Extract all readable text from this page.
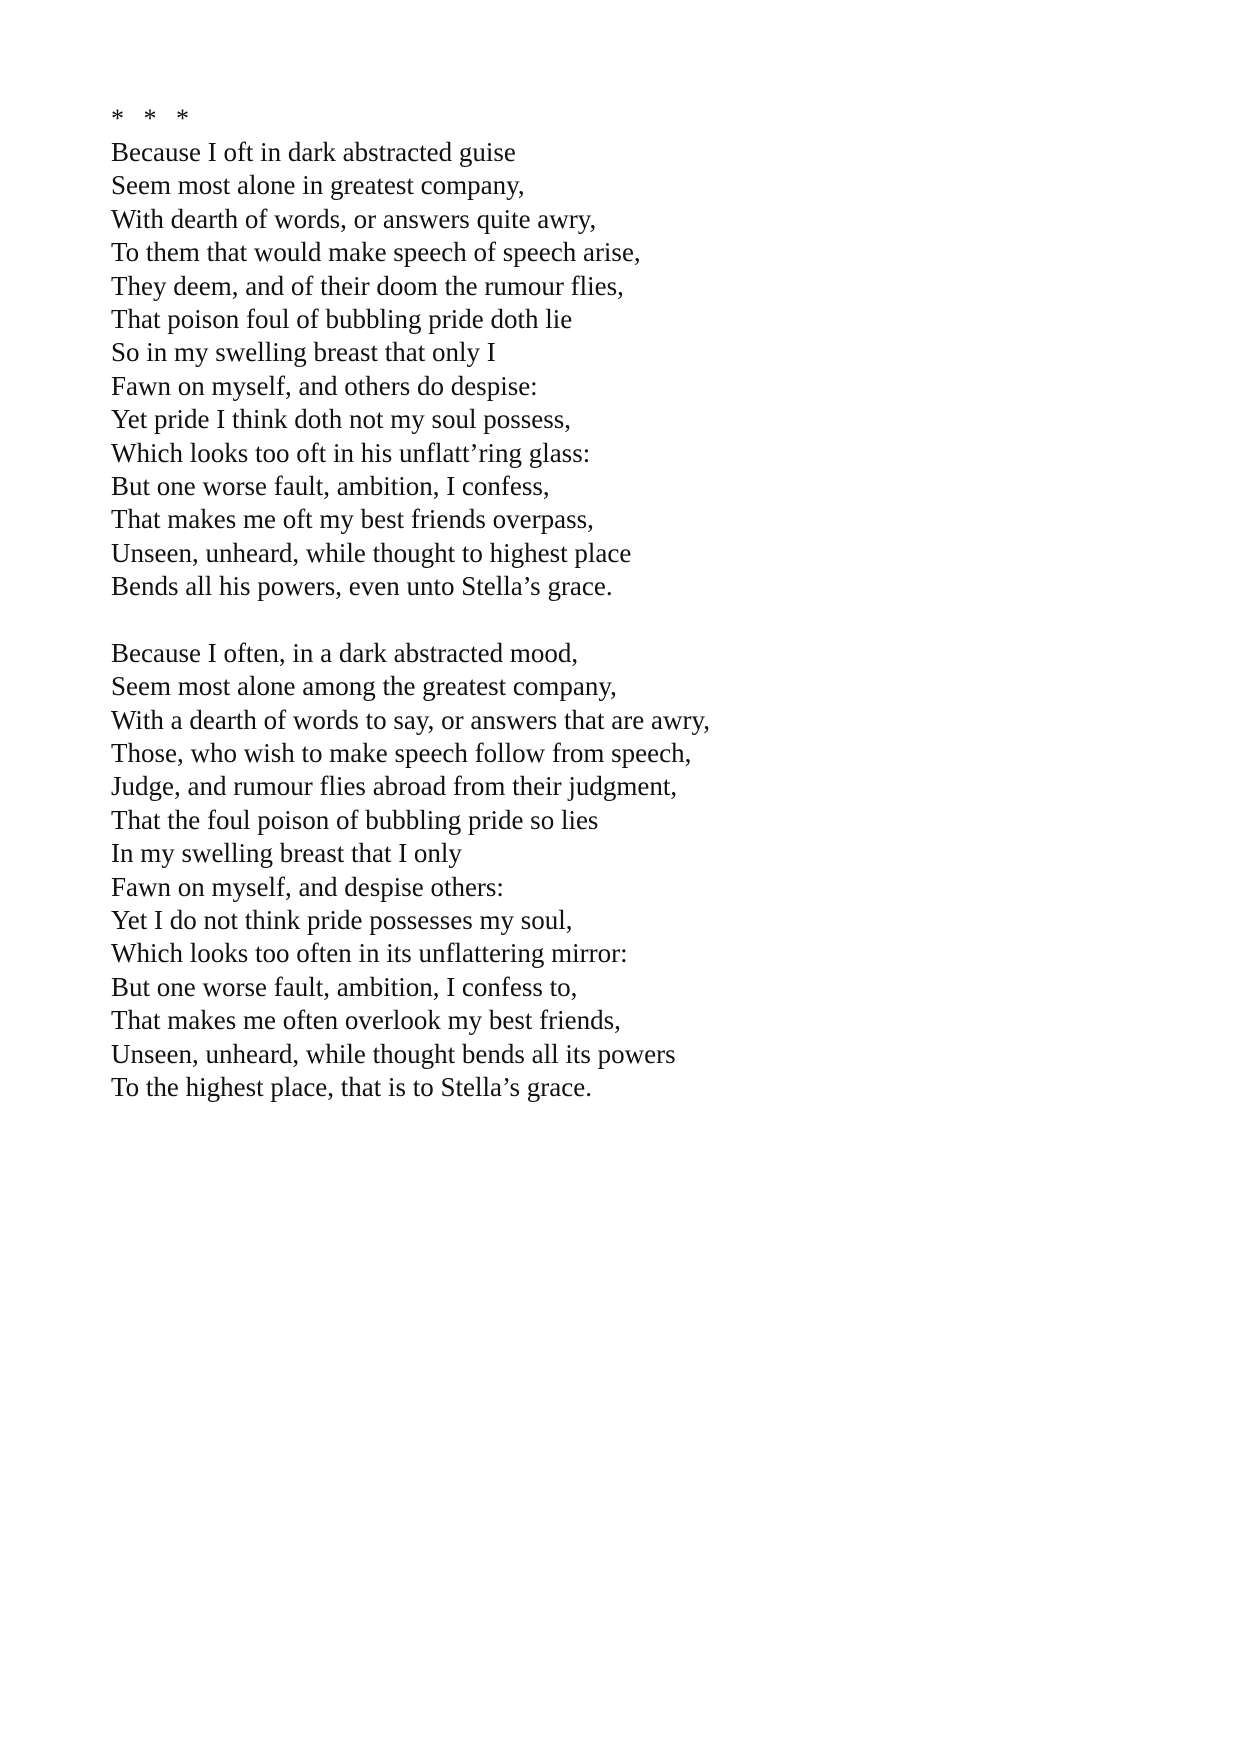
*   *   *
Because I oft in dark abstracted guise
Seem most alone in greatest company,
With dearth of words, or answers quite awry,
To them that would make speech of speech arise,
They deem, and of their doom the rumour flies,
That poison foul of bubbling pride doth lie
So in my swelling breast that only I
Fawn on myself, and others do despise:
Yet pride I think doth not my soul possess,
Which looks too oft in his unflatt’ring glass:
But one worse fault, ambition, I confess,
That makes me oft my best friends overpass,
Unseen, unheard, while thought to highest place
Bends all his powers, even unto Stella’s grace.
Because I often, in a dark abstracted mood,
Seem most alone among the greatest company,
With a dearth of words to say, or answers that are awry,
Those, who wish to make speech follow from speech,
Judge, and rumour flies abroad from their judgment,
That the foul poison of bubbling pride so lies
In my swelling breast that I only
Fawn on myself, and despise others:
Yet I do not think pride possesses my soul,
Which looks too often in its unflattering mirror:
But one worse fault, ambition, I confess to,
That makes me often overlook my best friends,
Unseen, unheard, while thought bends all its powers
To the highest place, that is to Stella’s grace.
